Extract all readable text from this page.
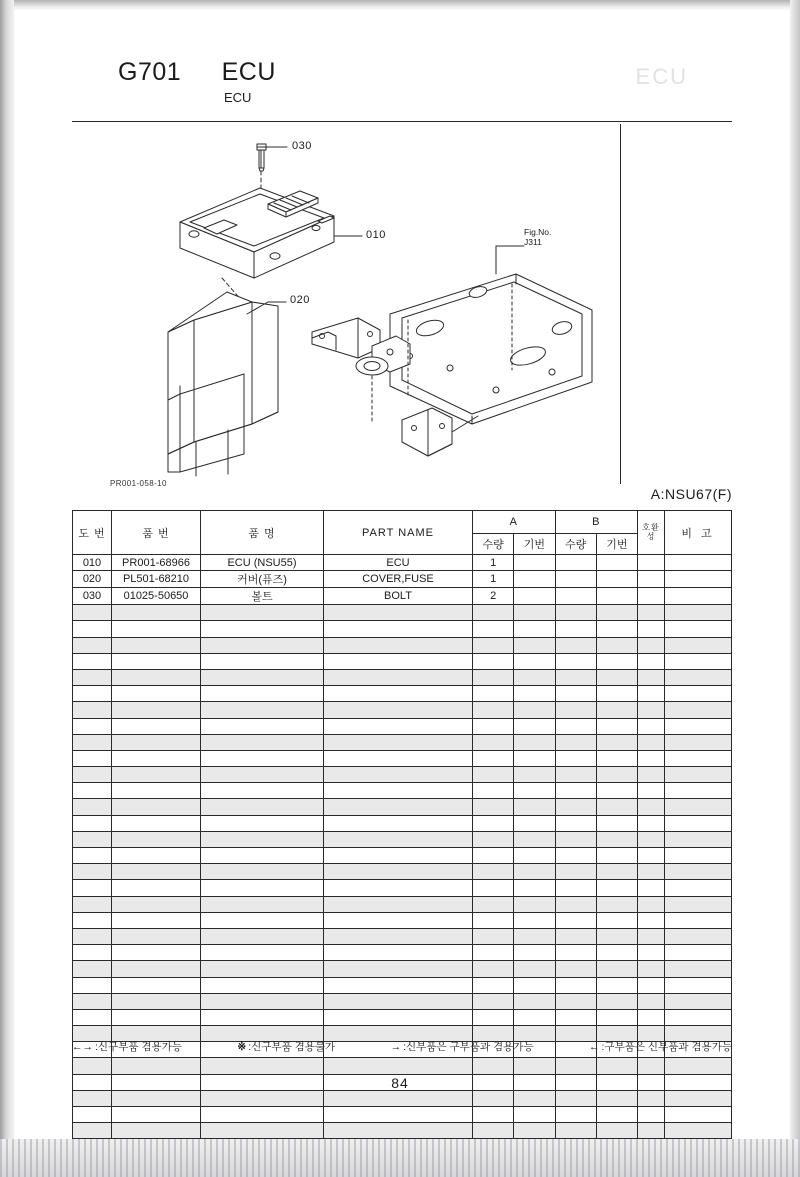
G701 ECU
ECU
ECU
030
010
020
Fig.No.
J311
PR001-058-10
A:NSU67(F)
도 번	품 번	품 명	PART NAME	A		B		호환성	비 고
				수량	기번	수량	기번		
010	PR001-68966	ECU (NSU55)	ECU	1					
020	PL501-68210	커버(퓨즈)	COVER,FUSE	1					
030	01025-50650	볼트	BOLT	2					

←→ :신구부품 겸용가능	※ :신구부품 겸용불가	→ :신부품은 구부품과 겸용가능	← :구부품은 신부품과 겸용가능
84
